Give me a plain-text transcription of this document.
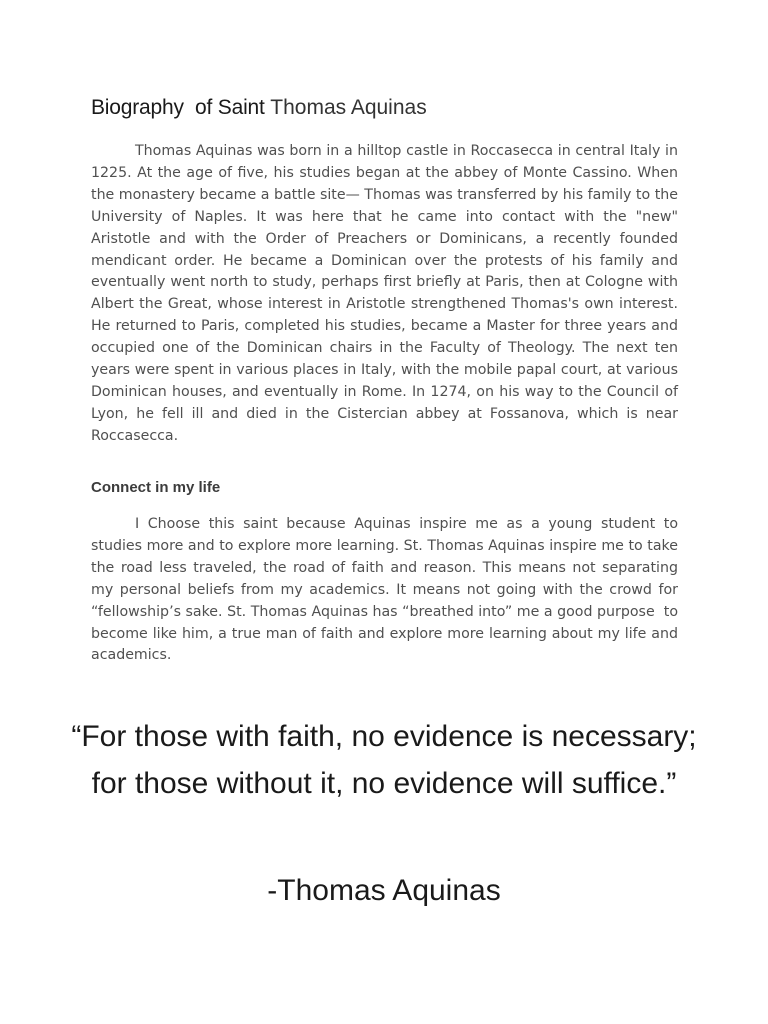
Biography  of Saint Thomas Aquinas

Thomas Aquinas was born in a hilltop castle in Roccasecca in central Italy in 1225. At the age of five, his studies began at the abbey of Monte Cassino. When the monastery became a battle site— Thomas was transferred by his family to the University of Naples. It was here that he came into contact with the "new" Aristotle and with the Order of Preachers or Dominicans, a recently founded mendicant order. He became a Dominican over the protests of his family and eventually went north to study, perhaps first briefly at Paris, then at Cologne with Albert the Great, whose interest in Aristotle strengthened Thomas's own interest. He returned to Paris, completed his studies, became a Master for three years and occupied one of the Dominican chairs in the Faculty of Theology. The next ten years were spent in various places in Italy, with the mobile papal court, at various Dominican houses, and eventually in Rome. In 1274, on his way to the Council of Lyon, he fell ill and died in the Cistercian abbey at Fossanova, which is near Roccasecca.

Connect in my life

I Choose this saint because Aquinas inspire me as a young student to studies more and to explore more learning. St. Thomas Aquinas inspire me to take the road less traveled, the road of faith and reason. This means not separating my personal beliefs from my academics. It means not going with the crowd for “fellowship’s sake. St. Thomas Aquinas has “breathed into” me a good purpose  to become like him, a true man of faith and explore more learning about my life and academics.

“For those with faith, no evidence is necessary; for those without it, no evidence will suffice.”

-Thomas Aquinas
